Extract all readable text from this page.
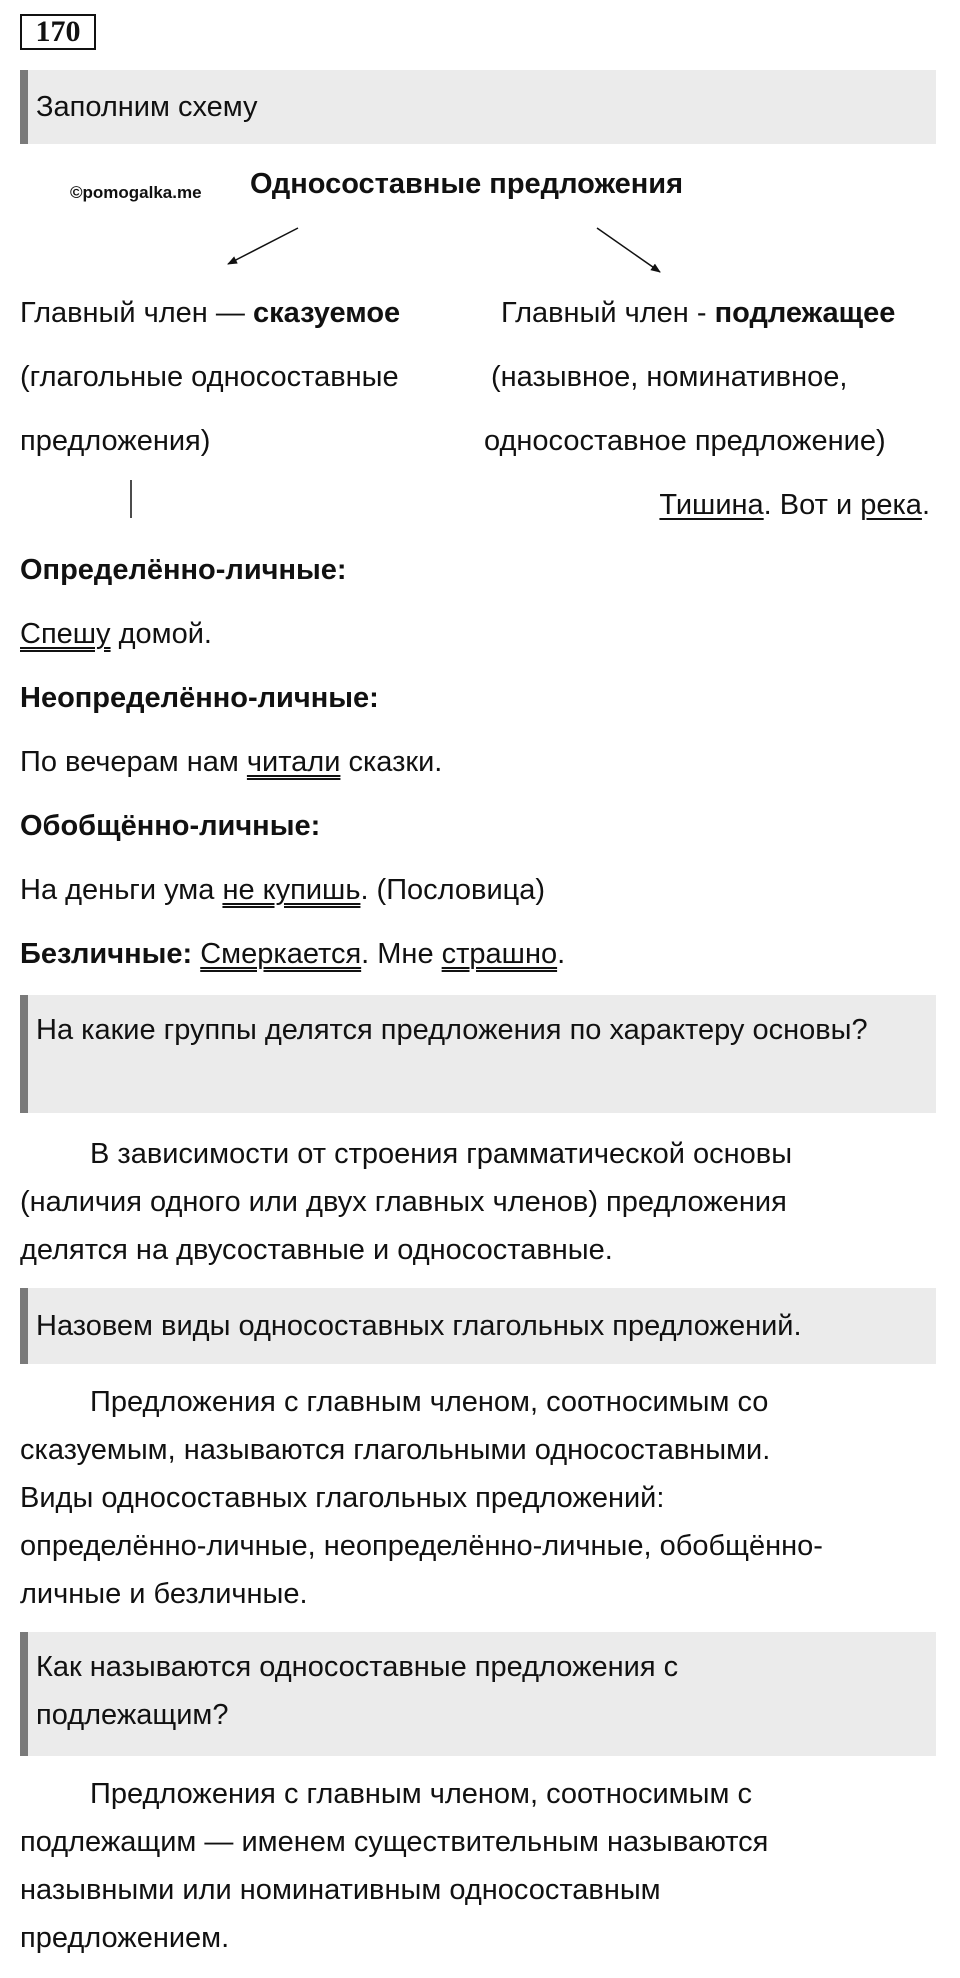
170
Заполним схему
©pomogalka.me Односоставные предложения
Главный член — сказуемое
(глагольные односоставные
предложения)
Главный член - подлежащее
(назывное, номинативное,
односоставное предложение)
Тишина. Вот и река.
Определённо-личные:
Спешу домой.
Неопределённо-личные:
По вечерам нам читали сказки.
Обобщённо-личные:
На деньги ума не купишь. (Пословица)
Безличные: Смеркается. Мне страшно.
На какие группы делятся предложения по характеру основы?

В зависимости от строения грамматической основы

(наличия одного или двух главных членов) предложения

делятся на двусоставные и односоставные.

Назовем виды односоставных глагольных предложений.

Предложения с главным членом, соотносимым со

сказуемым, называются глагольными односоставными.

Виды односоставных глагольных предложений:

определённо-личные, неопределённо-личные, обобщённо-

личные и безличные.

Как называются односоставные предложения с подлежащим?

Предложения с главным членом, соотносимым с

подлежащим — именем существительным называются

назывными или номинативным односоставным

предложением.
